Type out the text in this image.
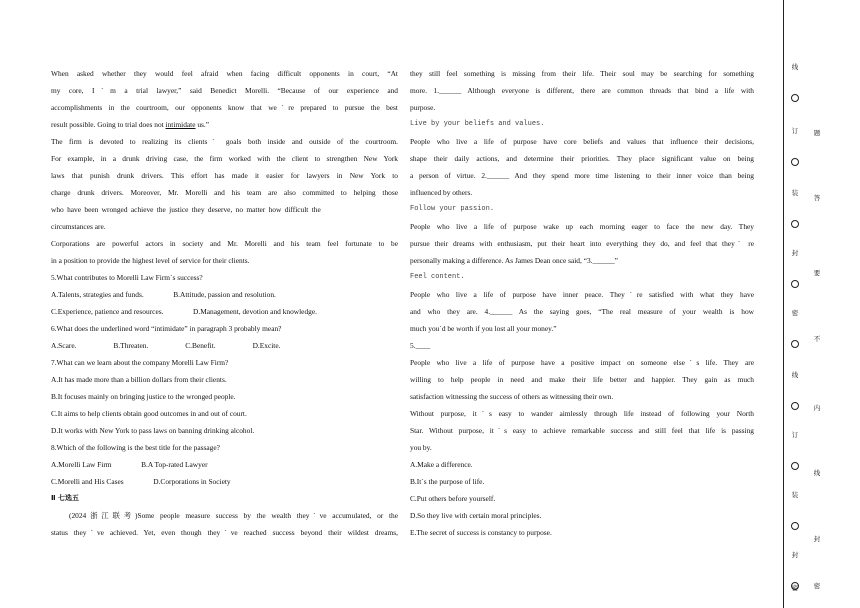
When asked whether they would feel afraid when facing difficult opponents in court, “At
my core, Iˊm a trial lawyer,” said Benedict Morelli. “Because of our experience and
accomplishments in the courtroom, our opponents know that weˋre prepared to pursue the best
result possible. Going to trial does not intimidate us.”
The firm is devoted to realizing its clientsˊ goals both inside and outside of the courtroom.
For example, in a drunk driving case, the firm worked with the client to strengthen New York
laws that punish drunk drivers. This effort has made it easier for lawyers in New York to
charge drunk drivers. Moreover, Mr. Morelli and his team are also committed to helping those
who have been wronged achieve the justice they deserve, no matter how difficult the
circumstances are.
Corporations are powerful actors in society and Mr. Morelli and his team feel fortunate to be
in a position to provide the highest level of service for their clients.
5.What contributes to Morelli Law Firmˊs success?
A.Talents, strategies and funds.                B.Attitude, passion and resolution.
C.Experience, patience and resources.                D.Management, devotion and knowledge.
6.What does the underlined word “intimidate” in paragraph 3 probably mean?
A.Scare.                    B.Threaten.                    C.Benefit.                    D.Excite.
7.What can we learn about the company Morelli Law Firm?
A.It has made more than a billion dollars from their clients.
B.It focuses mainly on bringing justice to the wronged people.
C.It aims to help clients obtain good outcomes in and out of court.
D.It works with New York to pass laws on banning drinking alcohol.
8.Which of the following is the best title for the passage?
A.Morelli Law Firm                B.A Top-rated Lawyer
C.Morelli and His Cases                D.Corporations in Society
Ⅱ 七选五
(2024浙江联考)Some people measure success by the wealth theyˋve accumulated, or the
status theyˋve achieved. Yet, even though theyˋve reached success beyond their wildest dreams,
they still feel something is missing from their life. Their soul may be searching for something
more. 1.______ Although everyone is different, there are common threads that bind a life with
purpose.
Live by your beliefs and values.
People who live a life of purpose have core beliefs and values that influence their decisions,
shape their daily actions, and determine their priorities. They place significant value on being
a person of virtue. 2.______ And they spend more time listening to their inner voice than being
influenced by others.
Follow your passion.
People who live a life of purpose wake up each morning eager to face the new day. They
pursue their dreams with enthusiasm, put their heart into everything they do, and feel that theyˋ re
personally making a difference. As James Dean once said, “3.______”
Feel content.
People who live a life of purpose have inner peace. Theyˋre satisfied with what they have
and who they are. 4.______ As the saying goes, “The real measure of your wealth is how
much youˋd be worth if you lost all your money.”
5.____
People who live a life of purpose have a positive impact on someone elseˊs life. They are
willing to help people in need and make their life better and happier. They gain as much
satisfaction witnessing the success of others as witnessing their own.
Without purpose, itˊs easy to wander aimlessly through life instead of following your North
Star. Without purpose, itˊs easy to achieve remarkable success and still feel that life is passing
you by.
A.Make a difference.
B.Itˊs the purpose of life.
C.Put others before yourself.
D.So they live with certain moral principles.
E.The secret of success is constancy to purpose.
线
订
装
封
密
线
订
装
封
密
题
答
要
不
内
线
封
密
